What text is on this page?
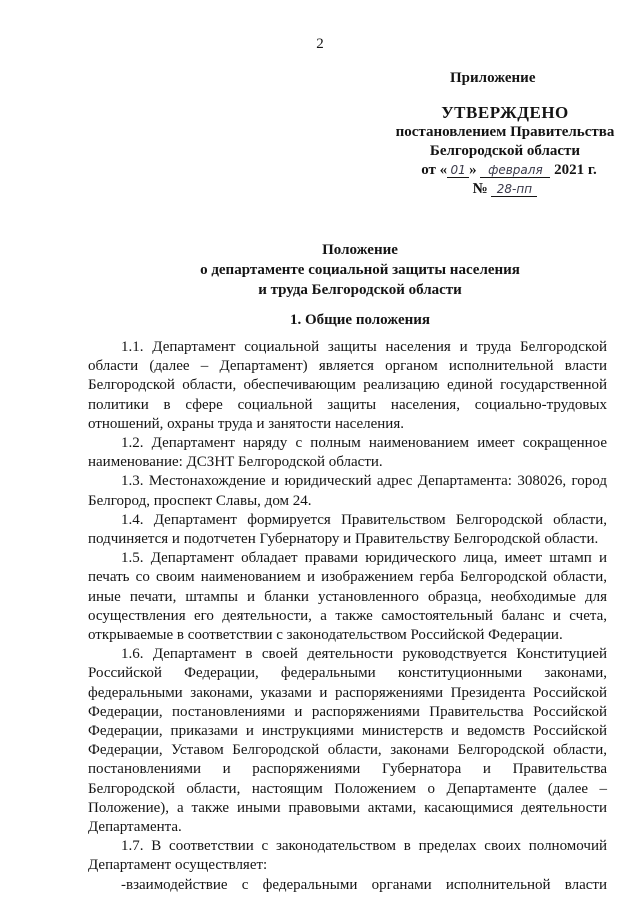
2
Приложение
УТВЕРЖДЕНО
постановлением Правительства
Белгородской области
от « 01 » февраля 2021 г.
№ 28-пп
Положение
о департаменте социальной защиты населения
и труда Белгородской области
1. Общие положения

1.1. Департамент социальной защиты населения и труда Белгородской области (далее – Департамент) является органом исполнительной власти Белгородской области, обеспечивающим реализацию единой государственной политики в сфере социальной защиты населения, социально-трудовых отношений, охраны труда и занятости населения.

1.2. Департамент наряду с полным наименованием имеет сокращенное наименование: ДСЗНТ Белгородской области.

1.3. Местонахождение и юридический адрес Департамента: 308026, город Белгород, проспект Славы, дом 24.

1.4. Департамент формируется Правительством Белгородской области, подчиняется и подотчетен Губернатору и Правительству Белгородской области.

1.5. Департамент обладает правами юридического лица, имеет штамп и печать со своим наименованием и изображением герба Белгородской области, иные печати, штампы и бланки установленного образца, необходимые для осуществления его деятельности, а также самостоятельный баланс и счета, открываемые в соответствии с законодательством Российской Федерации.

1.6. Департамент в своей деятельности руководствуется Конституцией Российской Федерации, федеральными конституционными законами, федеральными законами, указами и распоряжениями Президента Российской Федерации, постановлениями и распоряжениями Правительства Российской Федерации, приказами и инструкциями министерств и ведомств Российской Федерации, Уставом Белгородской области, законами Белгородской области, постановлениями и распоряжениями Губернатора и Правительства Белгородской области, настоящим Положением о Департаменте (далее – Положение), а также иными правовыми актами, касающимися деятельности Департамента.

1.7. В соответствии с законодательством в пределах своих полномочий Департамент осуществляет:

-взаимодействие с федеральными органами исполнительной власти
